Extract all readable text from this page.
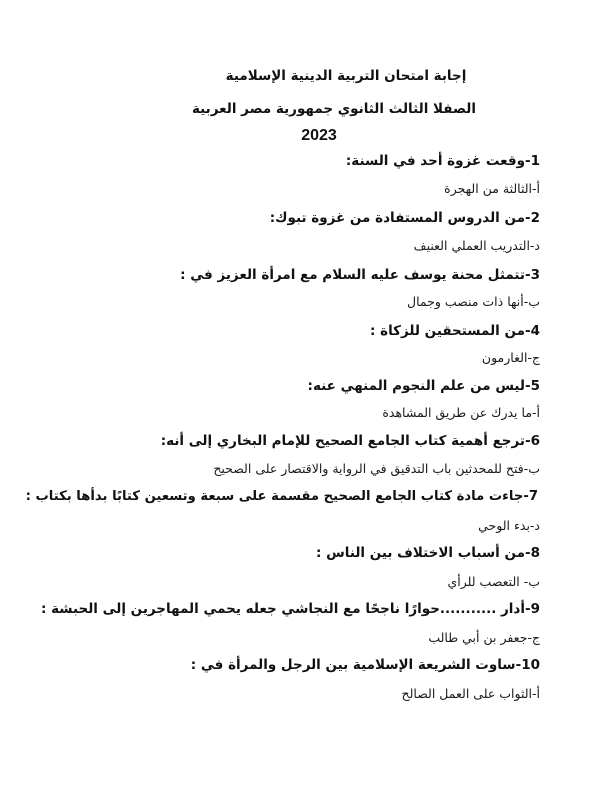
إجابة امتحان التربية الدينية الإسلامية
الصفلا الثالث الثانوي جمهورية مصر العربية
2023
1-وقعت غزوة أحد في السنة:
أ-الثالثة من الهجرة
2-من الدروس المستفادة من غزوة تبوك:
د-التدريب العملي العنيف
3-تتمثل محنة يوسف عليه السلام مع امرأة العزيز في :
ب-أنها ذات منصب وجمال
4-من المستحقين للزكاة :
ج-الغارمون
5-ليس من علم النجوم المنهي عنه:
أ-ما يدرك عن طريق المشاهدة
6-ترجع أهمية كتاب الجامع الصحيح للإمام البخاري إلى أنه:
ب-فتح للمحدثين باب التدقيق في الرواية والاقتصار على الصحيح
7-جاءت مادة كتاب الجامع الصحيح مقسمة على سبعة وتسعين كتابًا بدأها بكتاب :
د-بدء الوحي
8-من أسباب الاختلاف بين الناس :
ب- التعصب للرأي
9-أدار ...........حوارًا ناجحًا مع النجاشي جعله يحمي المهاجرين إلى الحبشة :
ج-جعفر بن أبي طالب
10-ساوت الشريعة الإسلامية بين الرجل والمرأة في :
أ-الثواب على العمل الصالح
